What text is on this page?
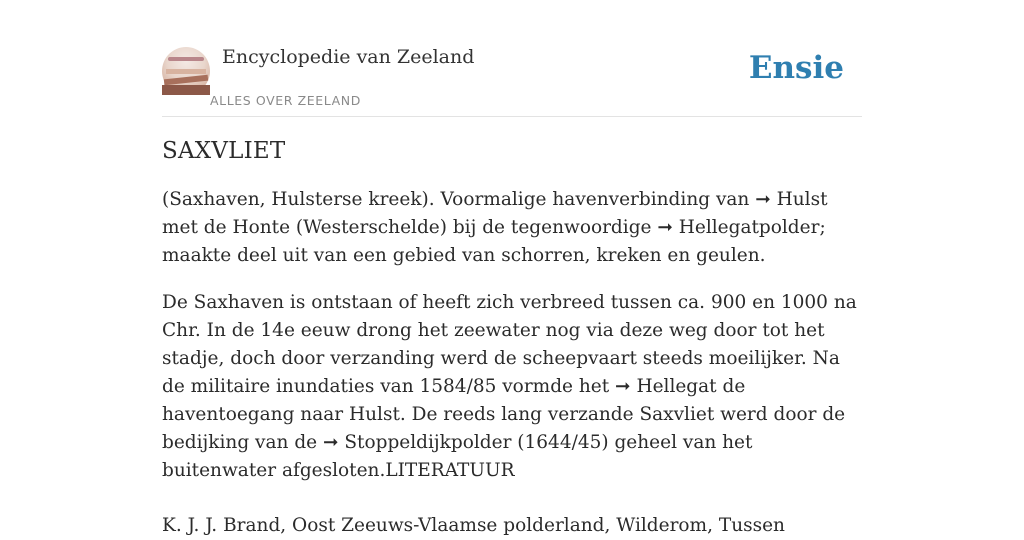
Encyclopedie van Zeeland
ALLES OVER ZEELAND
Ensie
SAXVLIET

(Saxhaven, Hulsterse kreek). Voormalige havenverbinding van ➞ Hulst met de Honte (Westerschelde) bij de tegenwoordige ➞ Hellegatpolder; maakte deel uit van een gebied van schorren, kreken en geulen.

De Saxhaven is ontstaan of heeft zich verbreed tussen ca. 900 en 1000 na Chr. In de 14e eeuw drong het zeewater nog via deze weg door tot het stadje, doch door verzanding werd de scheepvaart steeds moeilijker. Na de militaire inundaties van 1584/85 vormde het ➞ Hellegat de haventoegang naar Hulst. De reeds lang verzande Saxvliet werd door de bedijking van de ➞ Stoppeldijkpolder (1644/45) geheel van het buitenwater afgesloten.LITERATUUR

K. J. J. Brand, Oost Zeeuws-Vlaamse polderland, Wilderom, Tussen
